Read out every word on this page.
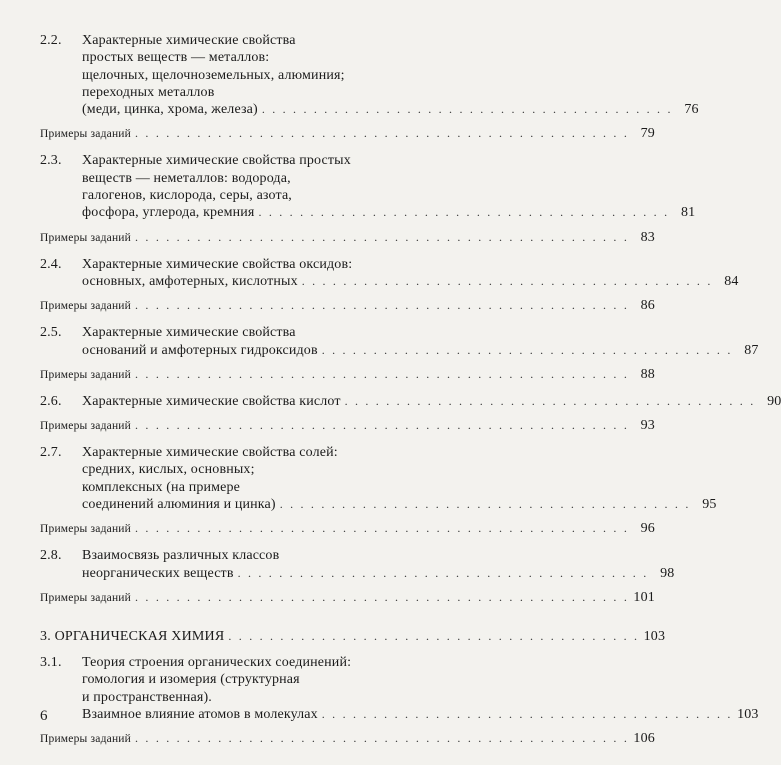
2.2. Характерные химические свойства
простых веществ — металлов:
щелочных, щелочноземельных, алюминия;
переходных металлов
(меди, цинка, хрома, железа) . . . . . . . . . . . . . . . . . . . . . . . . . . . . . . . . . . . . . . . . 76
Примеры заданий . . . . . . . . . . . . . . . . . . . . . . . . . . . . . . . . . . . . . . . . . . . . . . . . 79
2.3. Характерные химические свойства простых
веществ — неметаллов: водорода,
галогенов, кислорода, серы, азота,
фосфора, углерода, кремния . . . . . . . . . . . . . . . . . . . . . . . . . . . . . . . . . . . . . . . . 81
Примеры заданий . . . . . . . . . . . . . . . . . . . . . . . . . . . . . . . . . . . . . . . . . . . . . . . . 83
2.4. Характерные химические свойства оксидов:
основных, амфотерных, кислотных . . . . . . . . . . . . . . . . . . . . . . . . . . . . . . . . . . . . . . . . 84
Примеры заданий . . . . . . . . . . . . . . . . . . . . . . . . . . . . . . . . . . . . . . . . . . . . . . . . 86
2.5. Характерные химические свойства
оснований и амфотерных гидроксидов . . . . . . . . . . . . . . . . . . . . . . . . . . . . . . . . . . . . . . . . 87
Примеры заданий . . . . . . . . . . . . . . . . . . . . . . . . . . . . . . . . . . . . . . . . . . . . . . . . 88
2.6. Характерные химические свойства кислот . . . . . . . . . . . . . . . . . . . . . . . . . . . . . . . . . . . . . . . . 90
Примеры заданий . . . . . . . . . . . . . . . . . . . . . . . . . . . . . . . . . . . . . . . . . . . . . . . . 93
2.7. Характерные химические свойства солей:
средних, кислых, основных;
комплексных (на примере
соединений алюминия и цинка) . . . . . . . . . . . . . . . . . . . . . . . . . . . . . . . . . . . . . . . . 95
Примеры заданий . . . . . . . . . . . . . . . . . . . . . . . . . . . . . . . . . . . . . . . . . . . . . . . . 96
2.8. Взаимосвязь различных классов
неорганических веществ . . . . . . . . . . . . . . . . . . . . . . . . . . . . . . . . . . . . . . . . 98
Примеры заданий . . . . . . . . . . . . . . . . . . . . . . . . . . . . . . . . . . . . . . . . . . . . . . . . 101
3. ОРГАНИЧЕСКАЯ ХИМИЯ . . . . . . . . . . . . . . . . . . . . . . . . . . . . . . . . . . . . . . . . 103
3.1. Теория строения органических соединений:
гомология и изомерия (структурная
и пространственная).
Взаимное влияние атомов в молекулах . . . . . . . . . . . . . . . . . . . . . . . . . . . . . . . . . . . . . . . . 103
Примеры заданий . . . . . . . . . . . . . . . . . . . . . . . . . . . . . . . . . . . . . . . . . . . . . . . . 106
6
